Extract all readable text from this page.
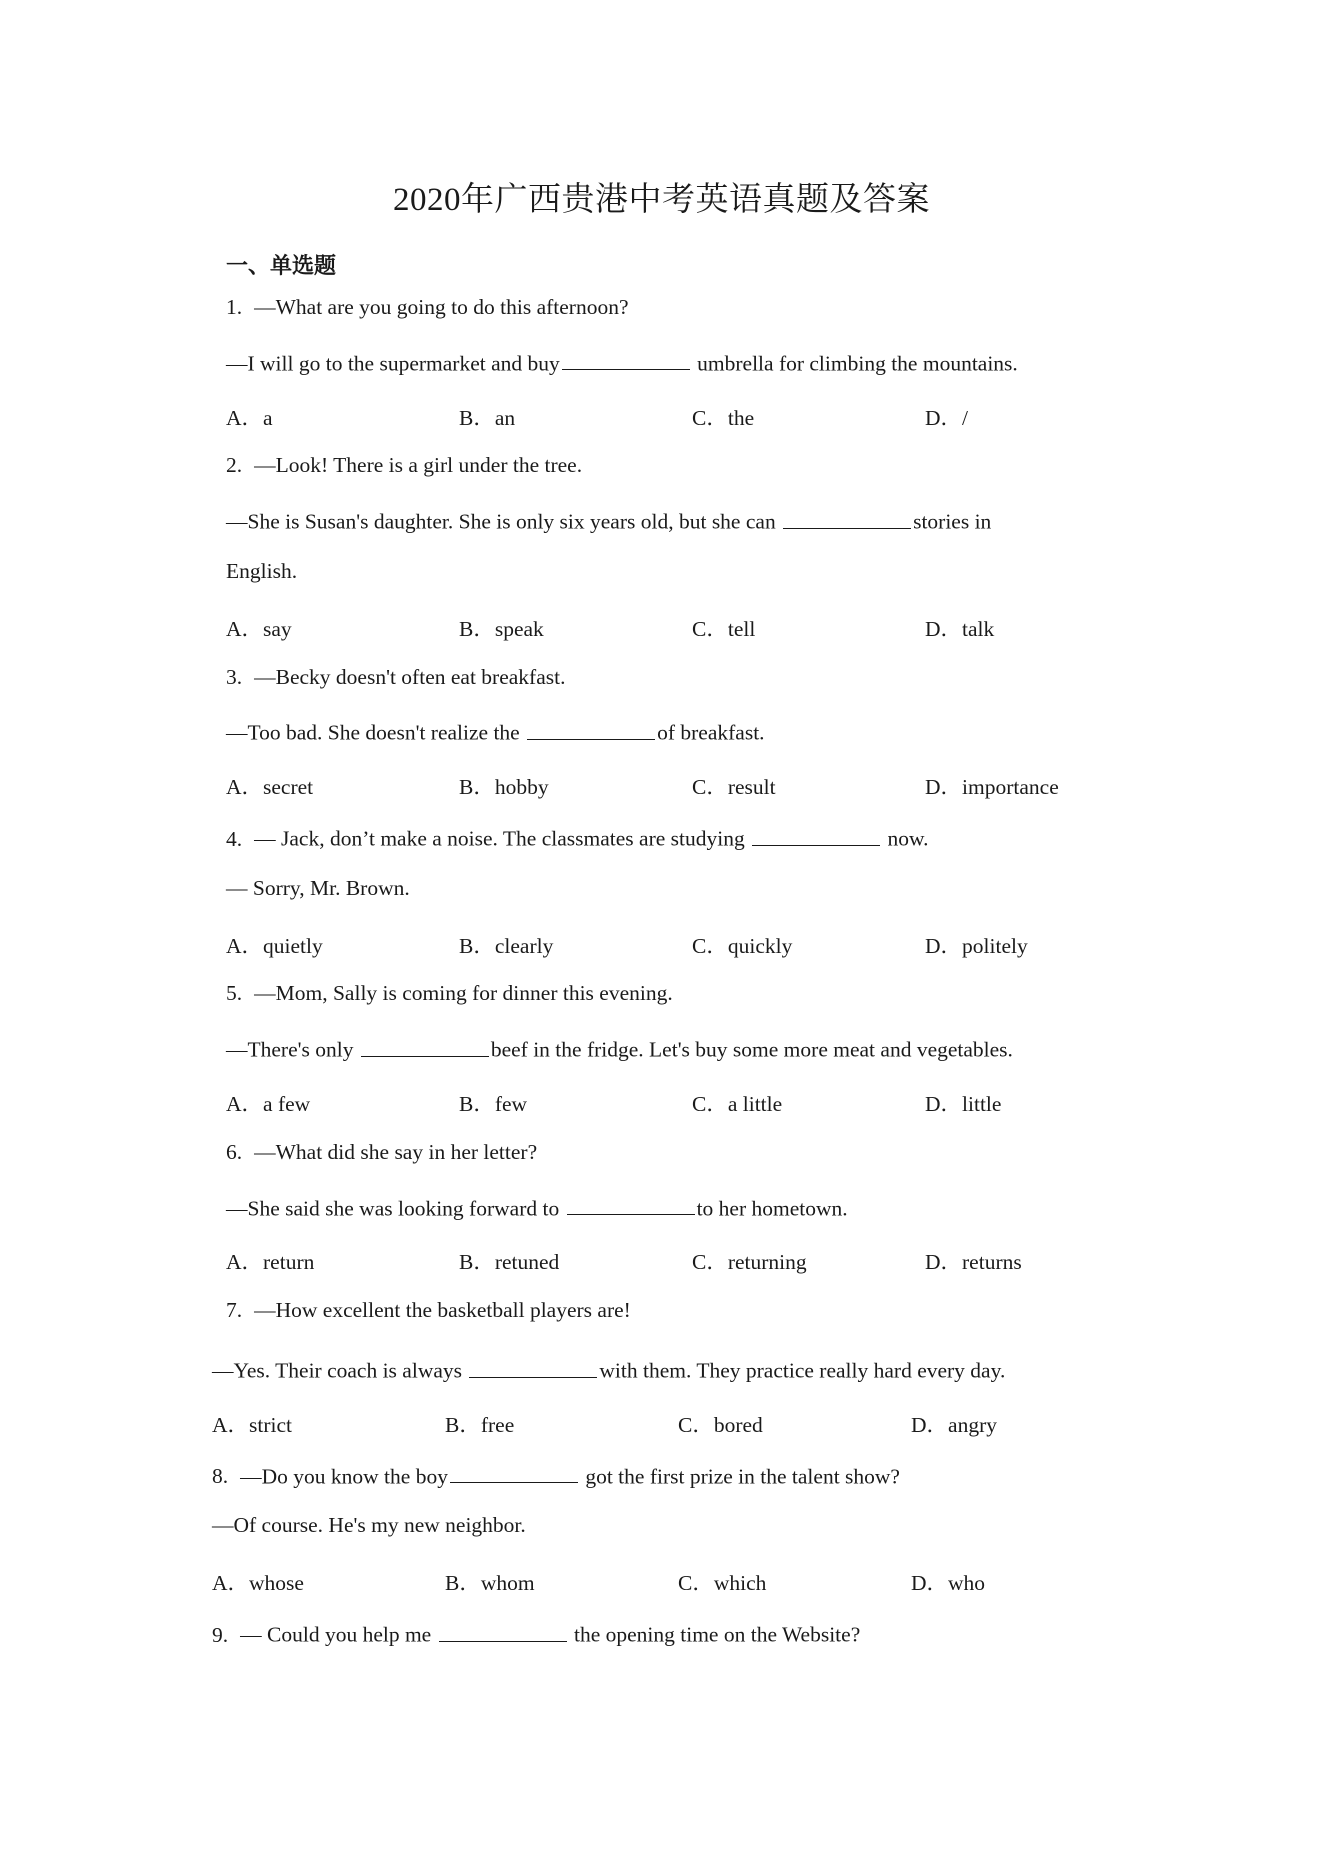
2020年广西贵港中考英语真题及答案
一、单选题
1. —What are you going to do this afternoon?
—I will go to the supermarket and buy	umbrella for climbing the mountains.
A．a	B．an	C．the	D．/
2. —Look! There is a girl under the tree.
—She is Susan's daughter. She is only six years old, but she can	stories in
English.
A．say	B．speak	C．tell	D．talk
3. —Becky doesn't often eat breakfast.
—Too bad. She doesn't realize the	of breakfast.
A．secret	B．hobby	C．result	D．importance
4. — Jack, don’t make a noise. The classmates are studying	now.
— Sorry, Mr. Brown.
A．quietly	B．clearly	C．quickly	D．politely
5. —Mom, Sally is coming for dinner this evening.
—There's only	beef in the fridge. Let's buy some more meat and vegetables.
A．a few	B．few	C．a little	D．little
6. —What did she say in her letter?
—She said she was looking forward to	to her hometown.
A．return	B．retuned	C．returning	D．returns
7. —How excellent the basketball players are!
—Yes. Their coach is always	with them. They practice really hard every day.
A．strict	B．free	C．bored	D．angry
8. —Do you know the boy	got the first prize in the talent show?
—Of course. He's my new neighbor.
A．whose	B．whom	C．which	D．who
9. — Could you help me	the opening time on the Website?
